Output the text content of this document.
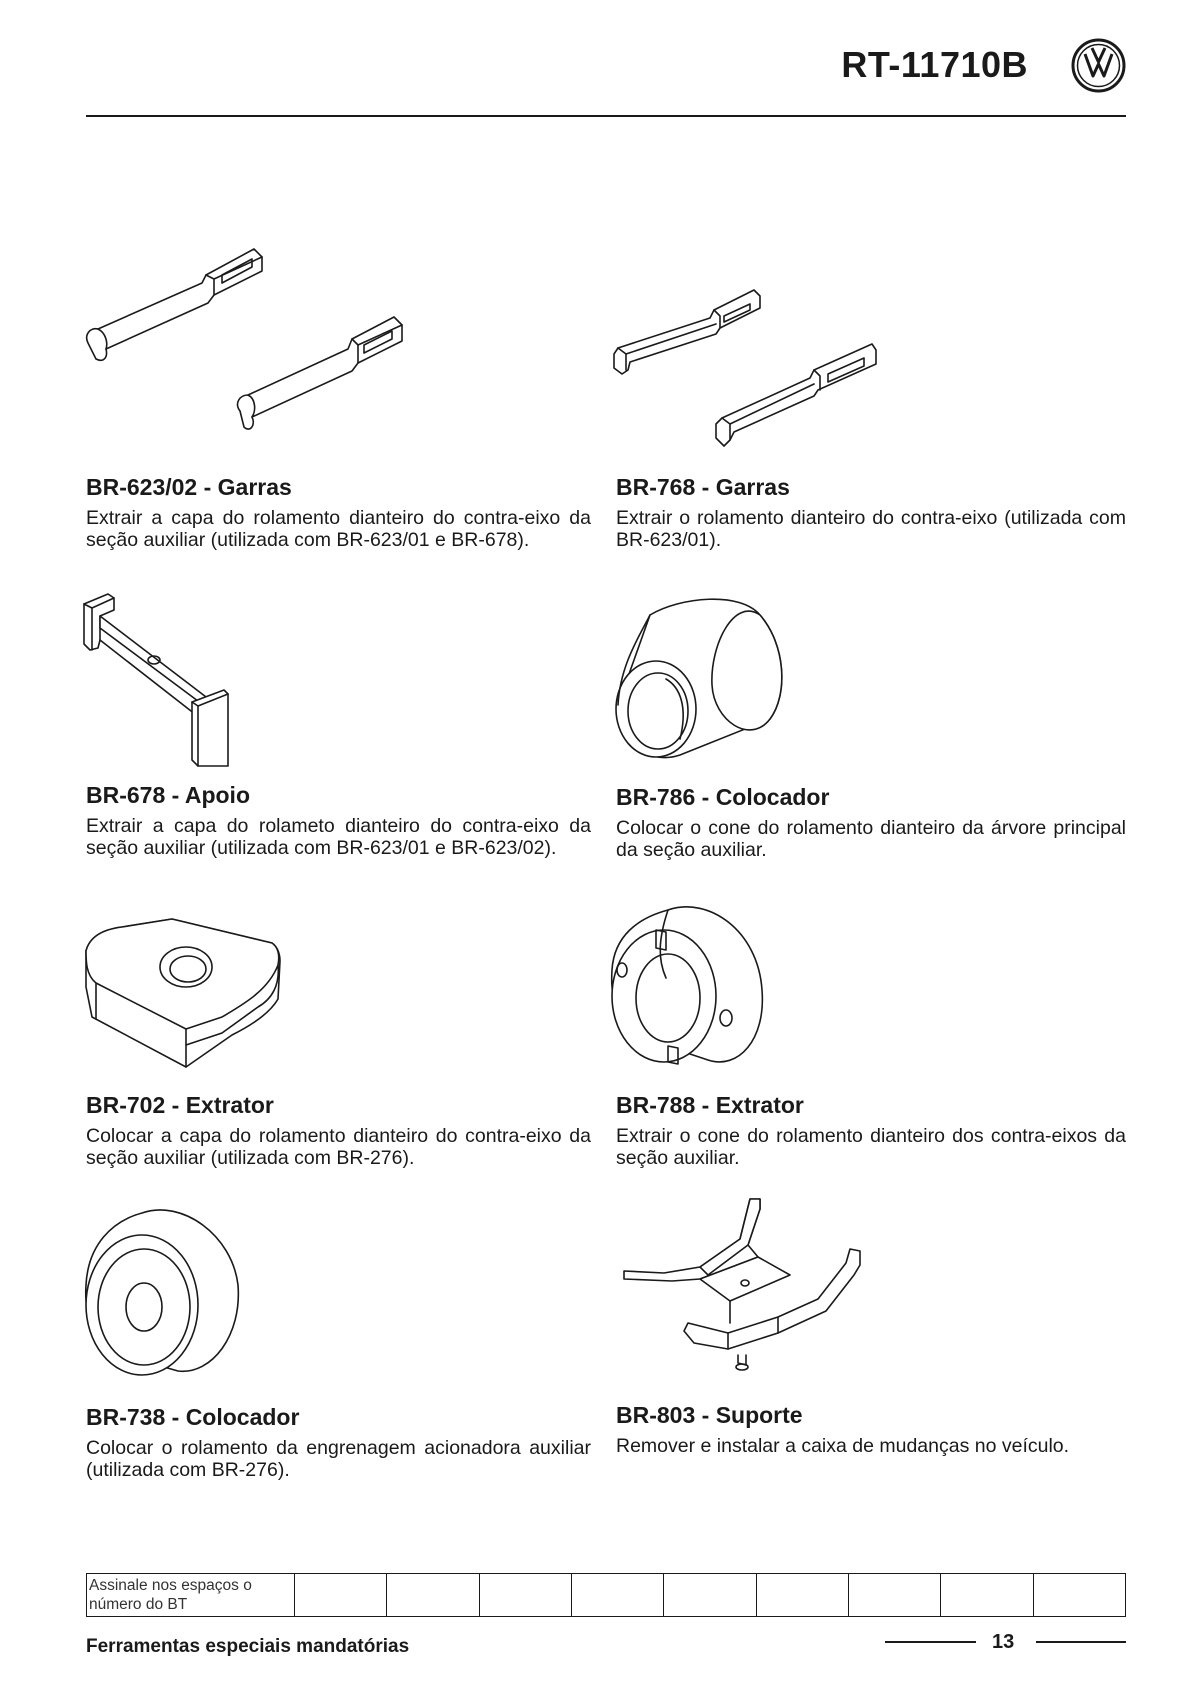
RT-11710B

BR-623/02 - Garras

Extrair a capa do rolamento dianteiro do contra-eixo da seção auxiliar (utilizada com BR-623/01 e BR-678).

BR-768 - Garras

Extrair o rolamento dianteiro do contra-eixo (utilizada com BR-623/01).

BR-678 - Apoio

Extrair a capa do rolameto dianteiro do contra-eixo da seção auxiliar (utilizada com BR-623/01 e BR-623/02).

BR-786 - Colocador

Colocar o cone do rolamento dianteiro da árvore principal da seção auxiliar.

BR-702 - Extrator

Colocar a capa do rolamento dianteiro do contra-eixo da seção auxiliar (utilizada com BR-276).

BR-788 - Extrator

Extrair o cone do rolamento dianteiro dos contra-eixos da seção auxiliar.

BR-738 - Colocador

Colocar o rolamento da engrenagem acionadora auxiliar (utilizada com BR-276).

BR-803 - Suporte

Remover e instalar a caixa de mudanças no veículo.

Assinale nos espaços o número do BT
Ferramentas especiais mandatórias	13
